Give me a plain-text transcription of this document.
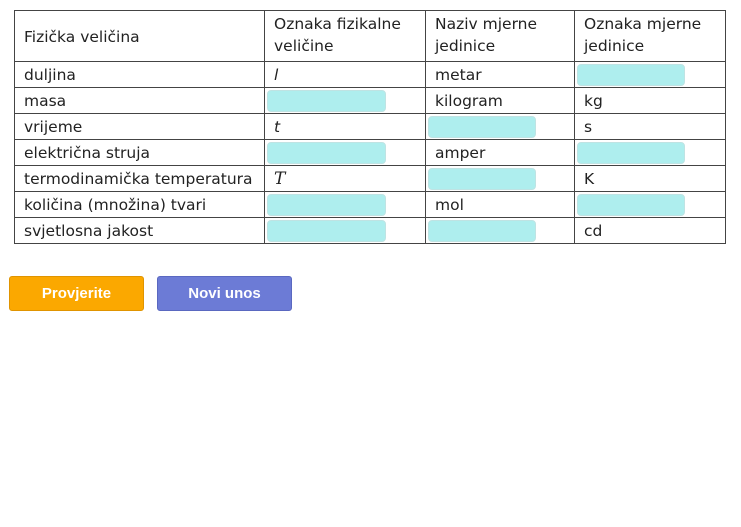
Fizička veličina	Oznaka fizikalne veličine	Naziv mjerne jedinice	Oznaka mjerne jedinice
duljina	l	metar	

masa		kilogram	kg
vrijeme	t		s
električna struja		amper	

termodinamička temperatura	T		K
količina (množina) tvari		mol	

svjetlosna jakost			cd
Provjerite	Novi unos
